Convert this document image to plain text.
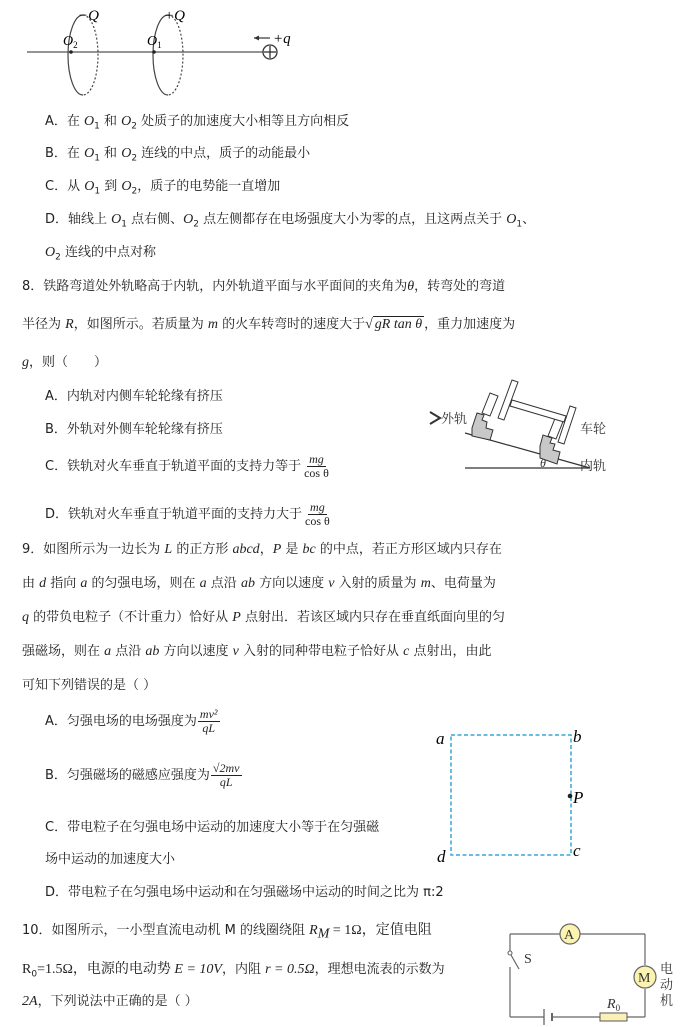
−Q	+Q
$O_2$	$O_1$	+q
A．在 $O_1$ 和 $O_2$ 处质子的加速度大小相等且方向相反
B．在 $O_1$ 和 $O_2$ 连线的中点，质子的动能最小
C．从 $O_1$ 到 $O_2$，质子的电势能一直增加
D．轴线上 $O_1$ 点右侧、$O_2$ 点左侧都存在电场强度大小为零的点，且这两点关于 $O_1$、
$O_2$ 连线的中点对称
8．铁路弯道处外轨略高于内轨，内外轨道平面与水平面间的夹角为θ，转弯处的弯道
半径为 R，如图所示。若质量为 m 的火车转弯时的速度大于√ gR tan θ ，重力加速度为
g，则（　　）
A．内轨对内侧车轮轮缘有挤压
B．外轨对外侧车轮轮缘有挤压
C．铁轨对火车垂直于轨道平面的支持力等于 $\frac{mg}{\text{cos θ}}$
D．铁轨对火车垂直于轨道平面的支持力大于 $\frac{mg}{\text{cos θ}}$
外轨
车轮
内轨
θ
9．如图所示为一边长为 L 的正方形 abcd，P 是 bc 的中点，若正方形区域内只存在
由 d 指向 a 的匀强电场，则在 a 点沿 ab 方向以速度 v 入射的质量为 m、电荷量为
q 的带负电粒子（不计重力）恰好从 P 点射出．若该区域内只存在垂直纸面向里的匀
强磁场，则在 a 点沿 ab 方向以速度 v 入射的同种带电粒子恰好从 c 点射出，由此
可知下列错误的是（ ）
A．匀强电场的电场强度为 $\frac{\text{mv²}}{qL}$
B．匀强磁场的磁感应强度为 $\frac{√2mv}{qL}$
C．带电粒子在匀强电场中运动的加速度大小等于在匀强磁
场中运动的加速度大小
D．带电粒子在匀强电场中运动和在匀强磁场中运动的时间之比为 π:2
a	b
P
c
d
10．如图所示，一小型直流电动机 M 的线圈绕阻 $R_M = 1\Omega$，定值电阻
$R_0=1.5\Omega$，电源的电动势 E = 10V，内阻 r = 0.5Ω，理想电流表的示数为
2A，下列说法中正确的是（ ）
S
A
M
电
动
机
$R_0$
